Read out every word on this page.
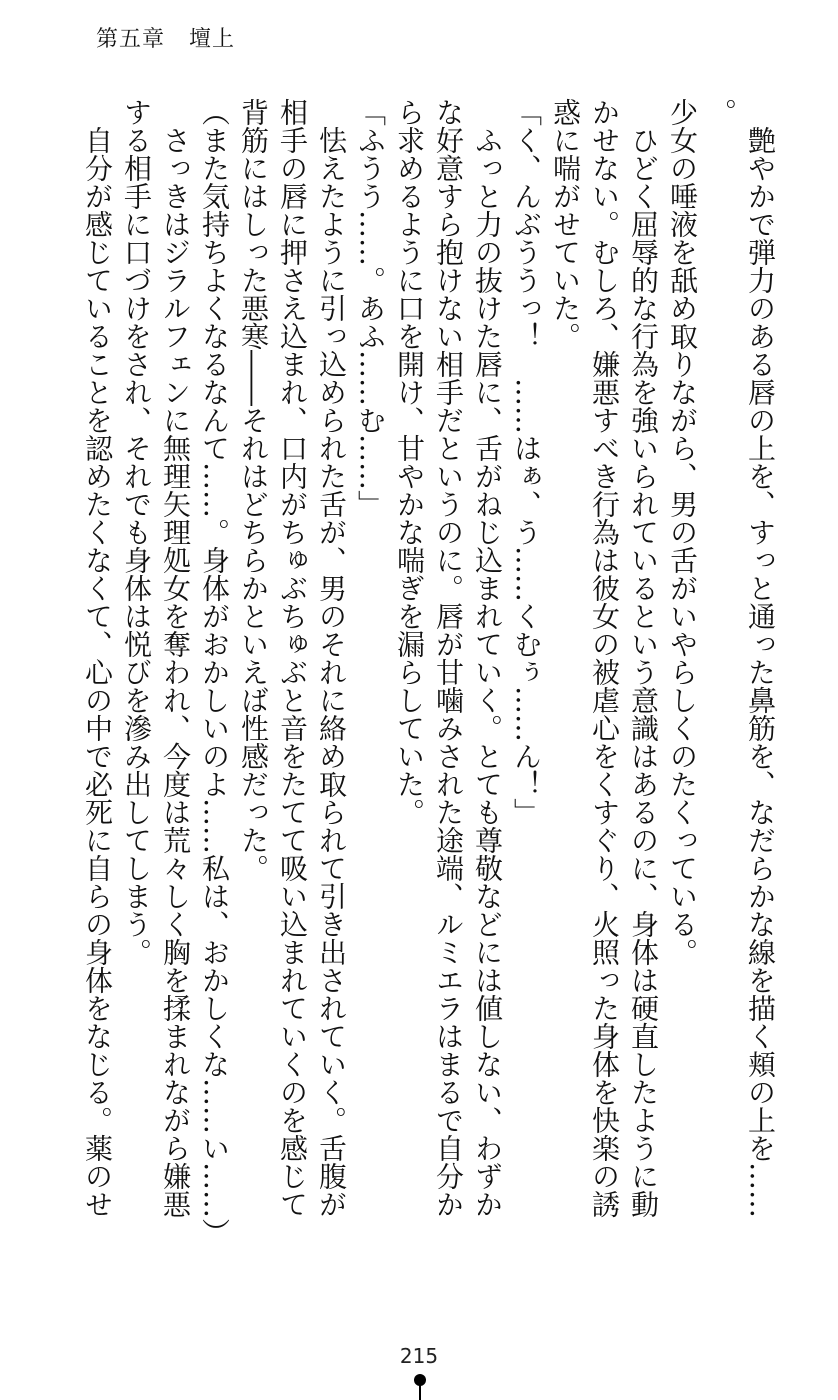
第五章 壇上

艶やかで弾力のある唇の上を、すっと通った鼻筋を、なだらかな線を描く頬の上を……。

少女の唾液を舐め取りながら、男の舌がいやらしくのたくっている。

ひどく屈辱的な行為を強いられているという意識はあるのに、身体は硬直したように動かせない。むしろ、嫌悪すべき行為は彼女の被虐心をくすぐり、火照った身体を快楽の誘惑に喘がせていた。

「く、んぶううっ！　……はぁ、う……くむぅ……ん！」

ふっと力の抜けた唇に、舌がねじ込まれていく。とても尊敬などには値しない、わずかな好意すら抱けない相手だというのに。唇が甘噛みされた途端、ルミエラはまるで自分から求めるように口を開け、甘やかな喘ぎを漏らしていた。

「ふうう……。あふ……む……」

怯えたように引っ込められた舌が、男のそれに絡め取られて引き出されていく。舌腹が相手の唇に押さえ込まれ、口内がちゅぶちゅぶと音をたてて吸い込まれていくのを感じて背筋にはしった悪寒――それはどちらかといえば性感だった。

（また気持ちよくなるなんて……。身体がおかしいのよ……私は、おかしくな……い……）

さっきはジラルフェンに無理矢理処女を奪われ、今度は荒々しく胸を揉まれながら嫌悪する相手に口づけをされ、それでも身体は悦びを滲み出してしまう。

自分が感じていることを認めたくなくて、心の中で必死に自らの身体をなじる。薬のせ

215
